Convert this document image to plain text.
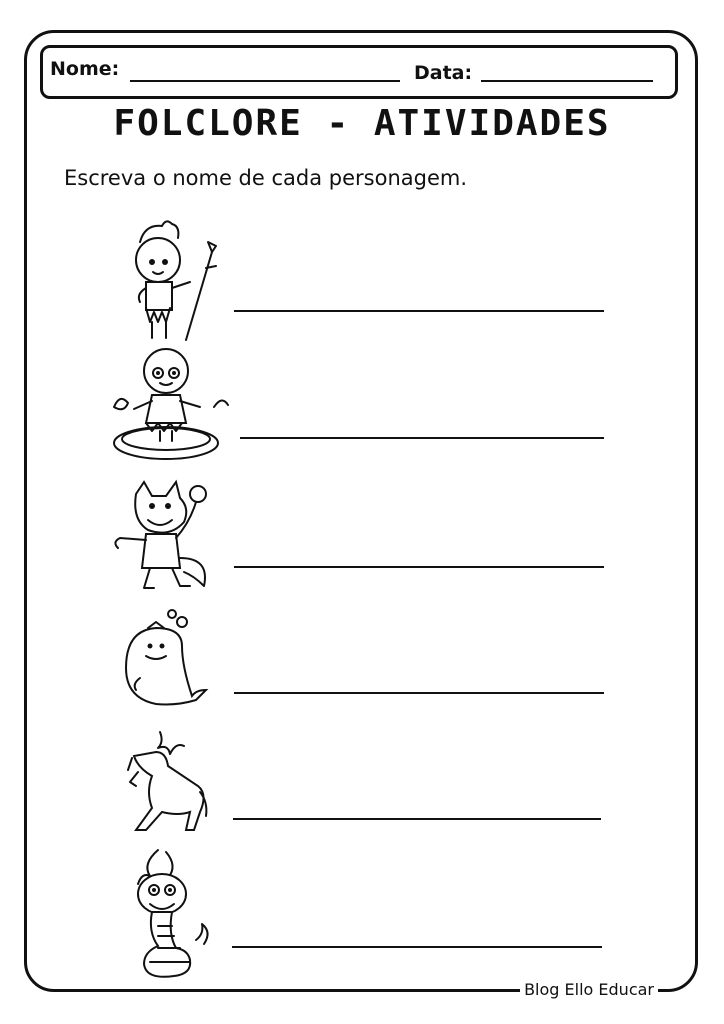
Nome:	Data:
FOLCLORE - ATIVIDADES
Escreva o nome de cada personagem.
Blog Ello Educar
